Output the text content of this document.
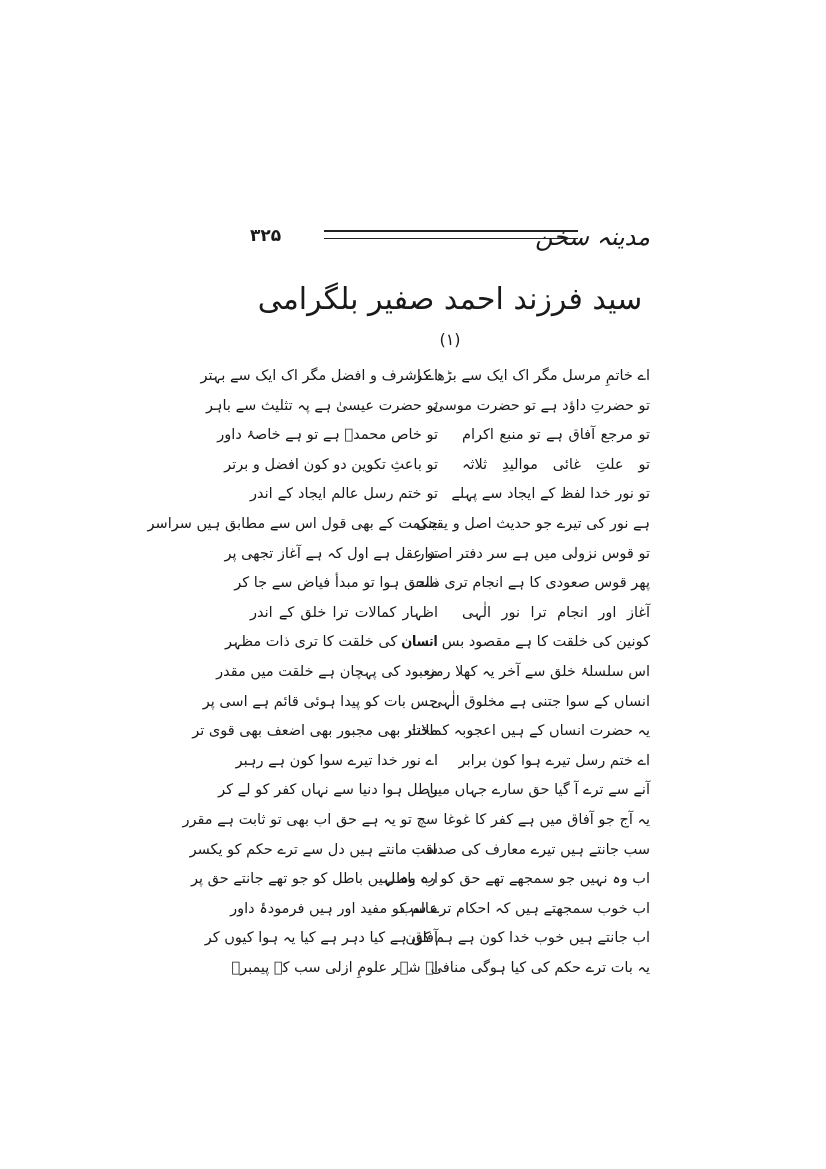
مدینہ سخن
۳۲۵
سید فرزند احمد صفیر بلگرامی
(۱)
اے خاتمِ مرسل مگر اک ایک سے بڑھ کر
تو حضرتِ داؤد ہے تو حضرت موسیٰ
تو مرجع آفاق ہے تو منبع اکرام
تو علتِ غائی موالیدِ ثلاثہ
تو نور خدا لفظ کے ایجاد سے پہلے
ہے نور کی تیرے جو حدیث اصل و یقینی
تو قوس نزولی میں ہے سر دفتر اصدار
پھر قوس صعودی کا ہے انجام تری ذات
آغاز اور انجام ترا نور الٰہی
کونین کی خلقت کا ہے مقصود بس انساں
اس سلسلۂ خلق سے آخر یہ کھلا رمز
انساں کے سوا جتنی ہے مخلوق الٰہی
یہ حضرت انساں کے ہیں اعجوبہ کمالات
اے ختم رسل تیرے ہوا کون برابر
آنے سے ترے آ گیا حق سارے جہاں میں
یہ آج جو آفاق میں ہے کفر کا غوغا
سب جانتے ہیں تیرے معارف کی صداقت
اب وہ نہیں جو سمجھے تھے حق کو رہ باطل
اب خوب سمجھتے ہیں کہ احکام ترے سب
اب جانتے ہیں خوب خدا کون ہے ہم کون
یہ بات ترے حکم کی کیا ہوگی منافی
اے اشرف و افضل مگر اک ایک سے بہتر
تو حضرت عیسیٰ ہے پہ تثلیث سے باہر
تو خاص محمدؐ ہے تو ہے خاصۂ داور
تو باعثِ تکوین دو کون افضل و برتر
تو ختم رسل عالم ایجاد کے اندر
حکمت کے بھی قول اس سے مطابق ہیں سراسر
تو عقل ہے اول کہ ہے آغاز تجھی پر
ملحق ہوا تو مبدأ فیاض سے جا کر
اظہار کمالات ترا خلق کے اندر
انسان کی خلقت کا تری ذات مظہر
معبود کی پہچان ہے خلقت میں مقدر
جس بات کو پیدا ہوئی قائم ہے اسی پر
مختار بھی مجبور بھی اضعف بھی قوی تر
اے نور خدا تیرے سوا کون ہے رہبر
باطل ہوا دنیا سے نہاں کفر کو لے کر
سچ تو یہ ہے حق اب بھی تو ثابت ہے مقرر
سب مانتے ہیں دل سے ترے حکم کو یکسر
اب وہ نہیں باطل کو جو تھے جانتے حق پر
عالم کو مفید اور ہیں فرمودۂ داور
آفاق ہے کیا دہر ہے کیا یہ ہوا کیوں کر
اے شہر علومِ ازلی سب کے پیمبرؐ
